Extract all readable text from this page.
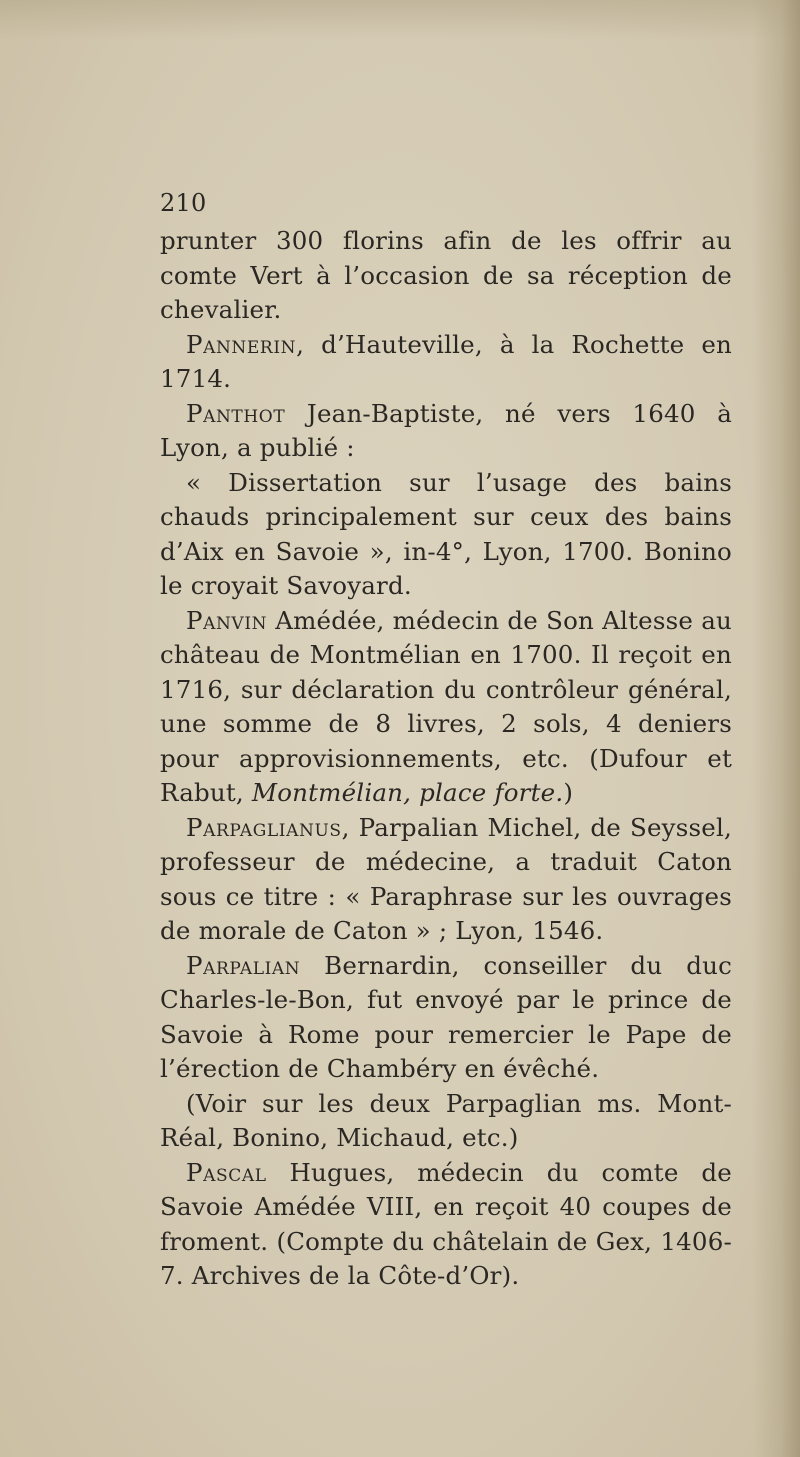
210

prunter 300 florins afin de les offrir au comte Vert à l’occasion de sa réception de chevalier.

Pannerin, d’Hauteville, à la Rochette en 1714.

Panthot Jean-Baptiste, né vers 1640 à Lyon, a publié :

« Dissertation sur l’usage des bains chauds principalement sur ceux des bains d’Aix en Savoie », in-4°, Lyon, 1700. Bonino le croyait Savoyard.

Panvin Amédée, médecin de Son Altesse au château de Montmélian en 1700. Il reçoit en 1716, sur déclaration du contrôleur général, une somme de 8 livres, 2 sols, 4 deniers pour approvisionnements, etc. (Dufour et Rabut, Montmélian, place forte.)

Parpaglianus, Parpalian Michel, de Seyssel, professeur de médecine, a traduit Caton sous ce titre : « Paraphrase sur les ouvrages de morale de Caton » ; Lyon, 1546.

Parpalian Bernardin, conseiller du duc Charles-le-Bon, fut envoyé par le prince de Savoie à Rome pour remercier le Pape de l’érection de Chambéry en évêché.

(Voir sur les deux Parpaglian ms. Mont-Réal, Bonino, Michaud, etc.)

Pascal Hugues, médecin du comte de Savoie Amédée VIII, en reçoit 40 coupes de froment. (Compte du châtelain de Gex, 1406-7. Archives de la Côte-d’Or).
